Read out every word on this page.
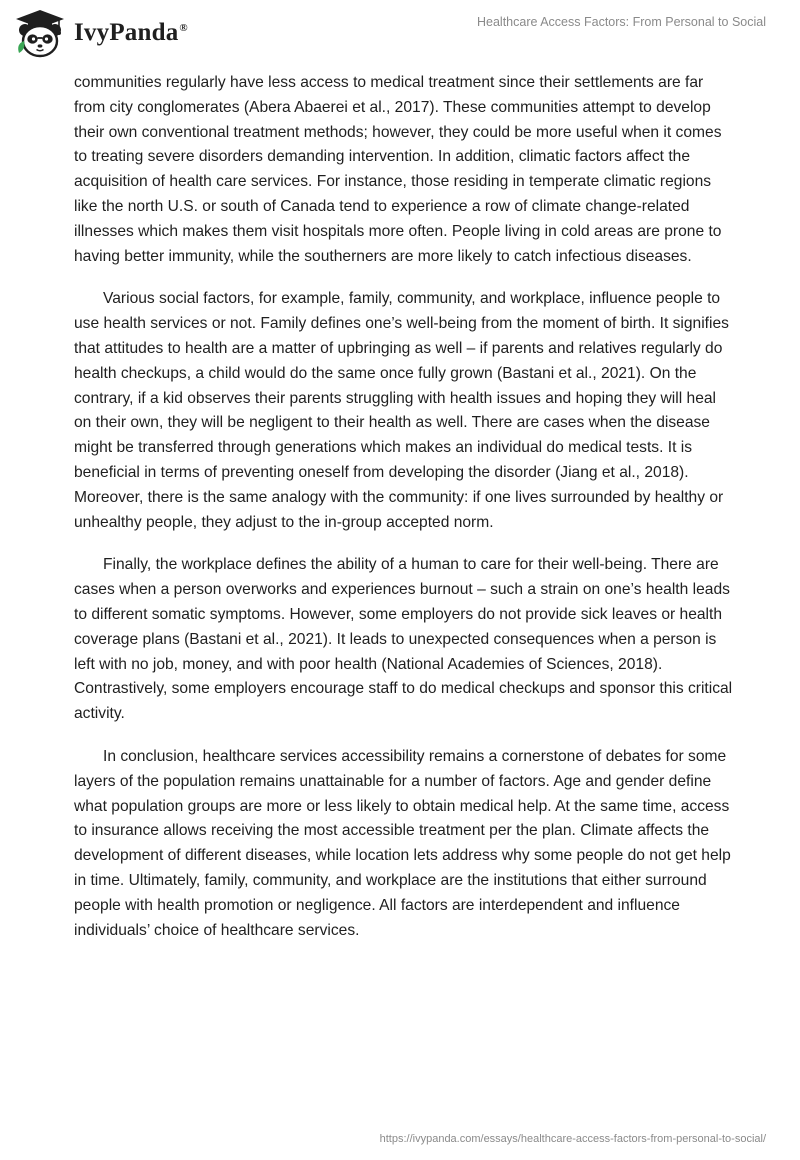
IvyPanda®	Healthcare Access Factors: From Personal to Social

communities regularly have less access to medical treatment since their settlements are far from city conglomerates (Abera Abaerei et al., 2017). These communities attempt to develop their own conventional treatment methods; however, they could be more useful when it comes to treating severe disorders demanding intervention. In addition, climatic factors affect the acquisition of health care services. For instance, those residing in temperate climatic regions like the north U.S. or south of Canada tend to experience a row of climate change-related illnesses which makes them visit hospitals more often. People living in cold areas are prone to having better immunity, while the southerners are more likely to catch infectious diseases.

Various social factors, for example, family, community, and workplace, influence people to use health services or not. Family defines one’s well-being from the moment of birth. It signifies that attitudes to health are a matter of upbringing as well – if parents and relatives regularly do health checkups, a child would do the same once fully grown (Bastani et al., 2021). On the contrary, if a kid observes their parents struggling with health issues and hoping they will heal on their own, they will be negligent to their health as well. There are cases when the disease might be transferred through generations which makes an individual do medical tests. It is beneficial in terms of preventing oneself from developing the disorder (Jiang et al., 2018). Moreover, there is the same analogy with the community: if one lives surrounded by healthy or unhealthy people, they adjust to the in-group accepted norm.

Finally, the workplace defines the ability of a human to care for their well-being. There are cases when a person overworks and experiences burnout – such a strain on one’s health leads to different somatic symptoms. However, some employers do not provide sick leaves or health coverage plans (Bastani et al., 2021). It leads to unexpected consequences when a person is left with no job, money, and with poor health (National Academies of Sciences, 2018). Contrastively, some employers encourage staff to do medical checkups and sponsor this critical activity.

In conclusion, healthcare services accessibility remains a cornerstone of debates for some layers of the population remains unattainable for a number of factors. Age and gender define what population groups are more or less likely to obtain medical help. At the same time, access to insurance allows receiving the most accessible treatment per the plan. Climate affects the development of different diseases, while location lets address why some people do not get help in time. Ultimately, family, community, and workplace are the institutions that either surround people with health promotion or negligence. All factors are interdependent and influence individuals’ choice of healthcare services.

https://ivypanda.com/essays/healthcare-access-factors-from-personal-to-social/
